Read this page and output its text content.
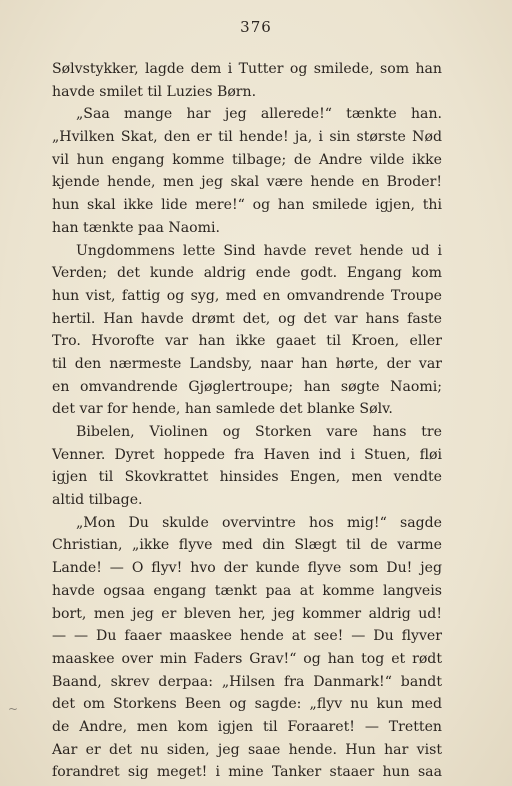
376
Sølvstykker, lagde dem i Tutter og smilede, som han
havde smilet til Luzies Børn.
„Saa mange har jeg allerede!“ tænkte han.
„Hvilken Skat, den er til hende! ja, i sin største Nød
vil hun engang komme tilbage; de Andre vilde ikke
kjende hende, men jeg skal være hende en Broder!
hun skal ikke lide mere!“ og han smilede igjen, thi
han tænkte paa Naomi.
Ungdommens lette Sind havde revet hende ud i
Verden; det kunde aldrig ende godt. Engang kom
hun vist, fattig og syg, med en omvandrende Troupe
hertil. Han havde drømt det, og det var hans faste
Tro. Hvorofte var han ikke gaaet til Kroen, eller
til den nærmeste Landsby, naar han hørte, der var
en omvandrende Gjøglertroupe; han søgte Naomi;
det var for hende, han samlede det blanke Sølv.
Bibelen, Violinen og Storken vare hans tre
Venner. Dyret hoppede fra Haven ind i Stuen, fløi
igjen til Skovkrattet hinsides Engen, men vendte
altid tilbage.
„Mon Du skulde overvintre hos mig!“ sagde
Christian, „ikke flyve med din Slægt til de varme
Lande! — O flyv! hvo der kunde flyve som Du! jeg
havde ogsaa engang tænkt paa at komme langveis
bort, men jeg er bleven her, jeg kommer aldrig ud!
— — Du faaer maaskee hende at see! — Du flyver
maaskee over min Faders Grav!“ og han tog et rødt
Baand, skrev derpaa: „Hilsen fra Danmark!“ bandt
det om Storkens Been og sagde: „flyv nu kun med
de Andre, men kom igjen til Foraaret! — Tretten
Aar er det nu siden, jeg saae hende. Hun har vist
forandret sig meget! i mine Tanker staaer hun saa
~
